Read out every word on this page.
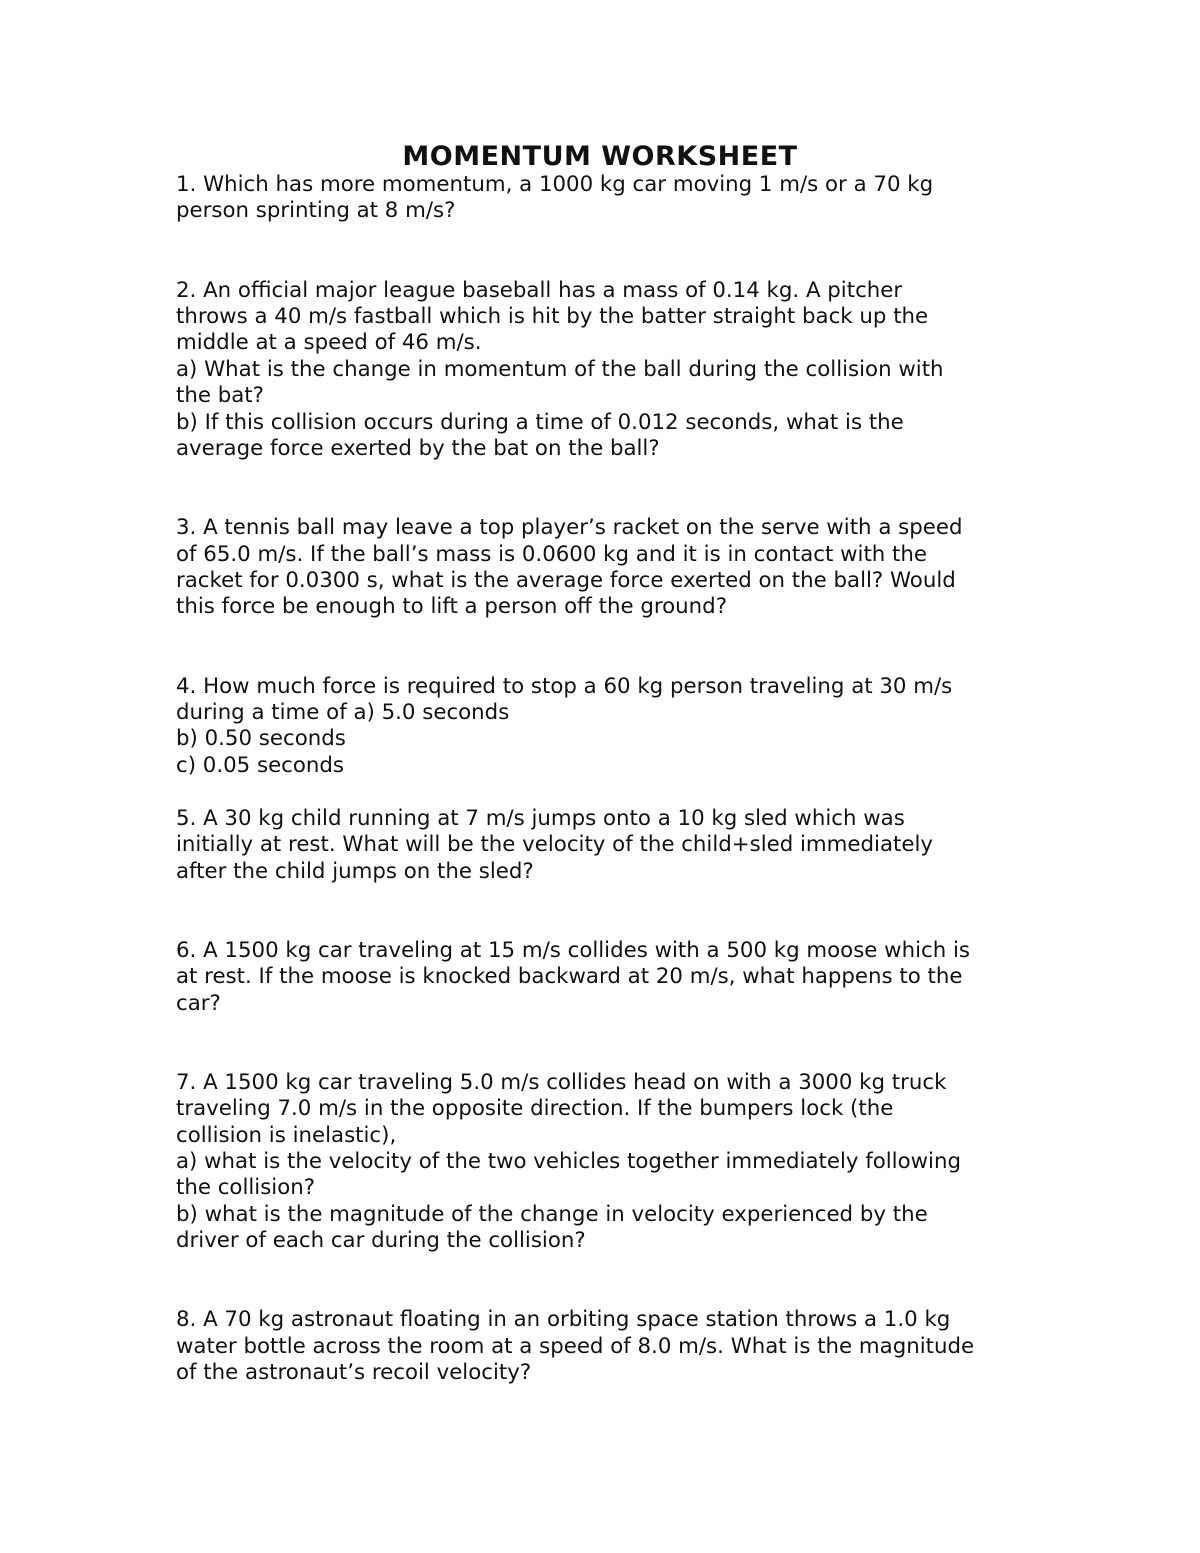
MOMENTUM WORKSHEET
1. Which has more momentum, a 1000 kg car moving 1 m/s or a 70 kg
person sprinting at 8 m/s?
2. An official major league baseball has a mass of 0.14 kg. A pitcher
throws a 40 m/s fastball which is hit by the batter straight back up the
middle at a speed of 46 m/s.
a) What is the change in momentum of the ball during the collision with
the bat?
b) If this collision occurs during a time of 0.012 seconds, what is the
average force exerted by the bat on the ball?
3. A tennis ball may leave a top player’s racket on the serve with a speed
of 65.0 m/s. If the ball’s mass is 0.0600 kg and it is in contact with the
racket for 0.0300 s, what is the average force exerted on the ball? Would
this force be enough to lift a person off the ground?
4. How much force is required to stop a 60 kg person traveling at 30 m/s
during a time of a) 5.0 seconds
b) 0.50 seconds
c) 0.05 seconds
5. A 30 kg child running at 7 m/s jumps onto a 10 kg sled which was
initially at rest. What will be the velocity of the child+sled immediately
after the child jumps on the sled?
6. A 1500 kg car traveling at 15 m/s collides with a 500 kg moose which is
at rest. If the moose is knocked backward at 20 m/s, what happens to the
car?
7. A 1500 kg car traveling 5.0 m/s collides head on with a 3000 kg truck
traveling 7.0 m/s in the opposite direction. If the bumpers lock (the
collision is inelastic),
a) what is the velocity of the two vehicles together immediately following
the collision?
b) what is the magnitude of the change in velocity experienced by the
driver of each car during the collision?
8. A 70 kg astronaut floating in an orbiting space station throws a 1.0 kg
water bottle across the room at a speed of 8.0 m/s. What is the magnitude
of the astronaut’s recoil velocity?
